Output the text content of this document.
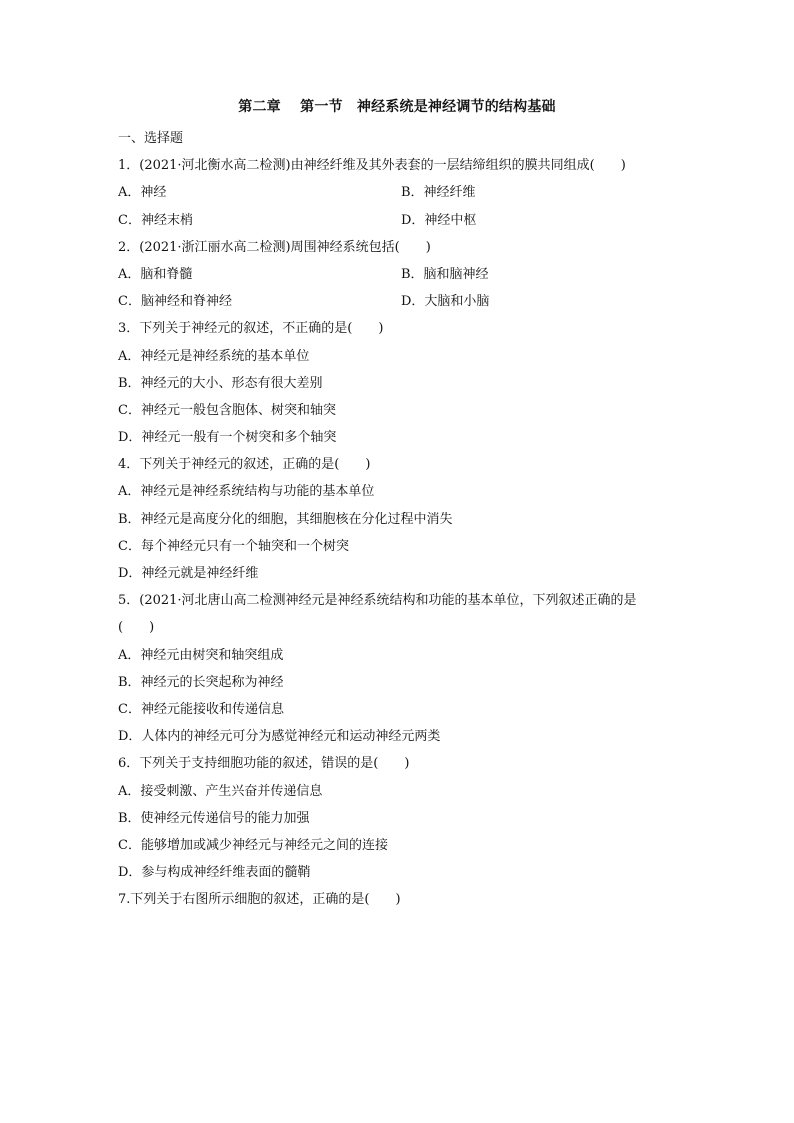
第二章　 第一节　神经系统是神经调节的结构基础
一、选择题
1．(2021·河北衡水高二检测)由神经纤维及其外表套的一层结缔组织的膜共同组成(　　)
A．神经	B．神经纤维
C．神经末梢	D．神经中枢
2．(2021·浙江丽水高二检测)周围神经系统包括(　　)
A．脑和脊髓	B．脑和脑神经
C．脑神经和脊神经	D．大脑和小脑
3．下列关于神经元的叙述，不正确的是(　　)
A．神经元是神经系统的基本单位
B．神经元的大小、形态有很大差别
C．神经元一般包含胞体、树突和轴突
D．神经元一般有一个树突和多个轴突
4．下列关于神经元的叙述，正确的是(　　)
A．神经元是神经系统结构与功能的基本单位
B．神经元是高度分化的细胞，其细胞核在分化过程中消失
C．每个神经元只有一个轴突和一个树突
D．神经元就是神经纤维
5．(2021·河北唐山高二检测神经元是神经系统结构和功能的基本单位，下列叙述正确的是
(　　)
A．神经元由树突和轴突组成
B．神经元的长突起称为神经
C．神经元能接收和传递信息
D．人体内的神经元可分为感觉神经元和运动神经元两类
6．下列关于支持细胞功能的叙述，错误的是(　　)
A．接受刺激、产生兴奋并传递信息
B．使神经元传递信号的能力加强
C．能够增加或减少神经元与神经元之间的连接
D．参与构成神经纤维表面的髓鞘
7.下列关于右图所示细胞的叙述，正确的是(　　)
